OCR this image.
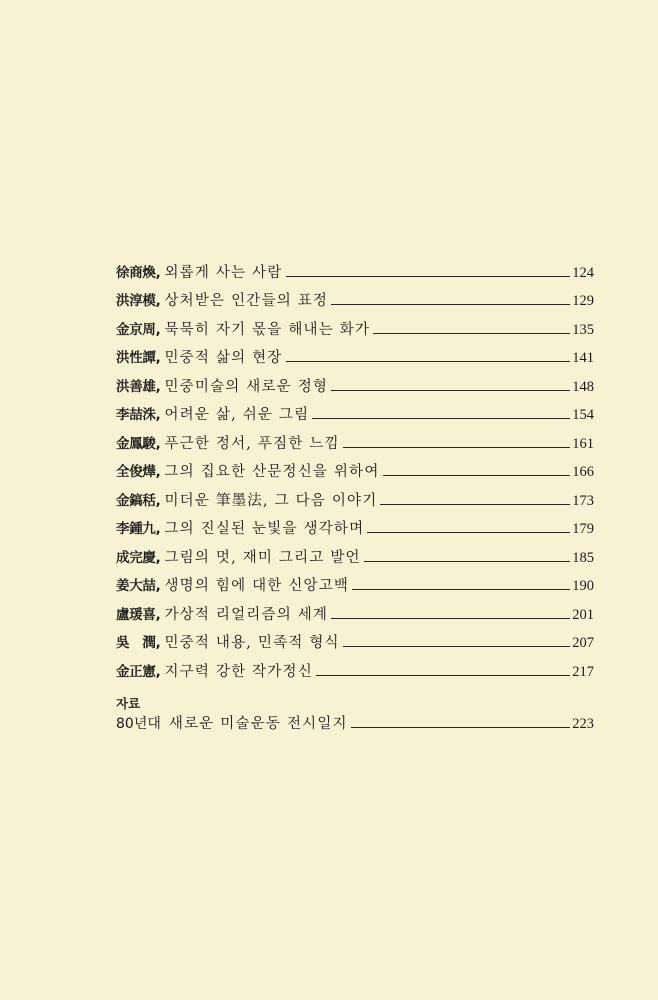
徐商煥, 외롭게 사는 사람	124
洪淳模, 상처받은 인간들의 표정	129
金京周, 묵묵히 자기 몫을 해내는 화가	135
洪性譚, 민중적 삶의 현장	141
洪善雄, 민중미술의 새로운 정형	148
李喆洙, 어려운 삶, 쉬운 그림	154
金鳳駿, 푸근한 정서, 푸짐한 느낌	161
全俊燁, 그의 집요한 산문정신을 위하여	166
金鎬秳, 미더운 筆墨法, 그 다음 이야기	173
李鍾九, 그의 진실된 눈빛을 생각하며	179
成完慶, 그림의 멋, 재미 그리고 발언	185
姜大喆, 생명의 힘에 대한 신앙고백	190
盧瑗喜, 가상적 리얼리즘의 세계	201
吳　潤, 민중적 내용, 민족적 형식	207
金正憲, 지구력 강한 작가정신	217
자료
80년대 새로운 미술운동 전시일지	223
